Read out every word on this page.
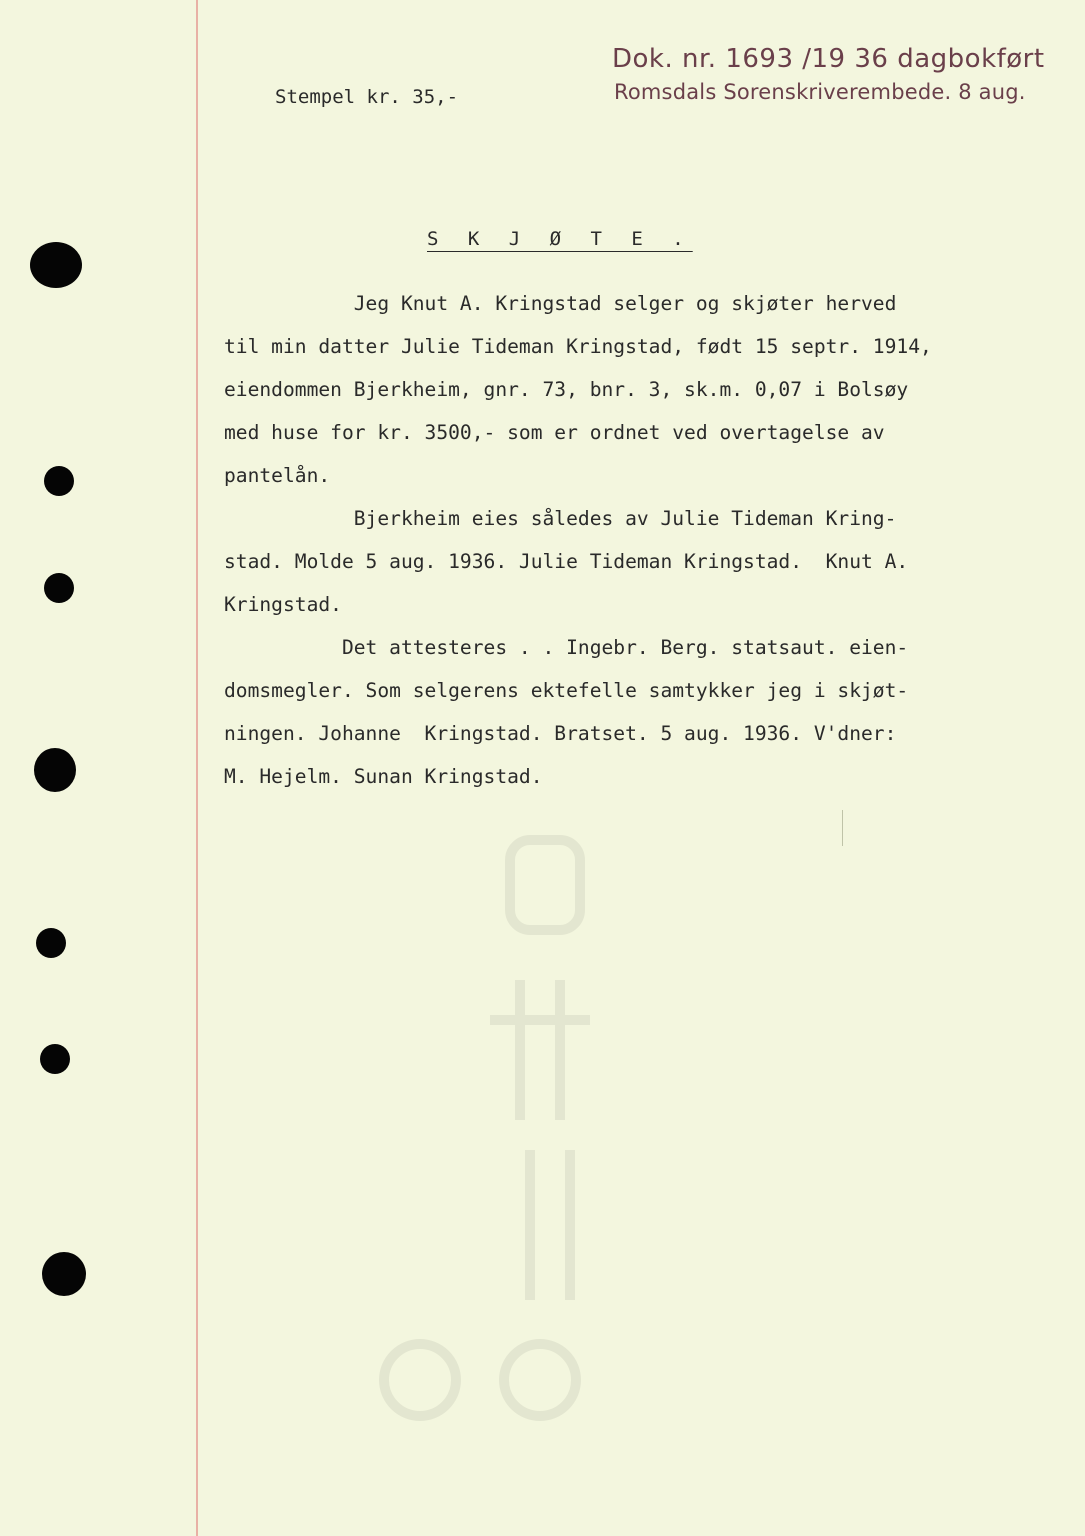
Dok. nr. 1693 /19 36 dagbokført
Romsdals Sorenskriverembede. 8 aug.
Stempel kr. 35,-
S K J Ø T E .
Jeg Knut A. Kringstad selger og skjøter herved
til min datter Julie Tideman Kringstad, født 15 septr. 1914,
eiendommen Bjerkheim, gnr. 73, bnr. 3, sk.m. 0,07 i Bolsøy
med huse for kr. 3500,- som er ordnet ved overtagelse av
pantelån.
Bjerkheim eies således av Julie Tideman Kring-
stad. Molde 5 aug. 1936. Julie Tideman Kringstad.  Knut A.
Kringstad.
Det attesteres . . Ingebr. Berg. statsaut. eien-
domsmegler. Som selgerens ektefelle samtykker jeg i skjøt-
ningen. Johanne  Kringstad. Bratset. 5 aug. 1936. V'dner:
M. Hejelm. Sunan Kringstad.
